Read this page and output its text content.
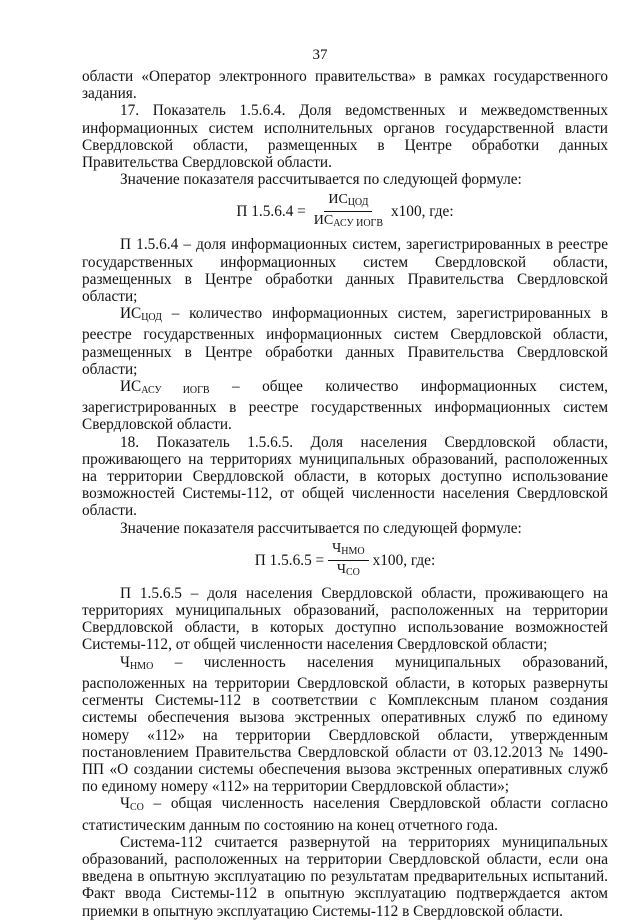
37

области «Оператор электронного правительства» в рамках государственного задания.

17. Показатель 1.5.6.4. Доля ведомственных и межведомственных информационных систем исполнительных органов государственной власти Свердловской области, размещенных в Центре обработки данных Правительства Свердловской области.

Значение показателя рассчитывается по следующей формуле:

П $1.5.6.4 = \frac{ИС_{ЦОД}}{ИС_{АСУ ИОГВ}} х100$, где:

П 1.5.6.4 – доля информационных систем, зарегистрированных в реестре государственных информационных систем Свердловской области, размещенных в Центре обработки данных Правительства Свердловской области;

$ИС_{ЦОД}$ – количество информационных систем, зарегистрированных в реестре государственных информационных систем Свердловской области, размещенных в Центре обработки данных Правительства Свердловской области;

$ИС_{АСУ ИОГВ}$ – общее количество информационных систем, зарегистрированных в реестре государственных информационных систем Свердловской области.

18. Показатель 1.5.6.5. Доля населения Свердловской области, проживающего на территориях муниципальных образований, расположенных на территории Свердловской области, в которых доступно использование возможностей Системы-112, от общей численности населения Свердловской области.

Значение показателя рассчитывается по следующей формуле:

П $1.5.6.5 = \frac{Ч_{НМО}}{Ч_{СО}} х100$, где:

П 1.5.6.5 – доля населения Свердловской области, проживающего на территориях муниципальных образований, расположенных на территории Свердловской области, в которых доступно использование возможностей Системы-112, от общей численности населения Свердловской области;

$Ч_{НМО}$ – численность населения муниципальных образований, расположенных на территории Свердловской области, в которых развернуты сегменты Системы-112 в соответствии с Комплексным планом создания системы обеспечения вызова экстренных оперативных служб по единому номеру «112» на территории Свердловской области, утвержденным постановлением Правительства Свердловской области от 03.12.2013 № 1490-ПП «О создании системы обеспечения вызова экстренных оперативных служб по единому номеру «112» на территории Свердловской области»;

$Ч_{СО}$ – общая численность населения Свердловской области согласно статистическим данным по состоянию на конец отчетного года.

Система-112 считается развернутой на территориях муниципальных образований, расположенных на территории Свердловской области, если она введена в опытную эксплуатацию по результатам предварительных испытаний. Факт ввода Системы-112 в опытную эксплуатацию подтверждается актом приемки в опытную эксплуатацию Системы-112 в Свердловской области.
